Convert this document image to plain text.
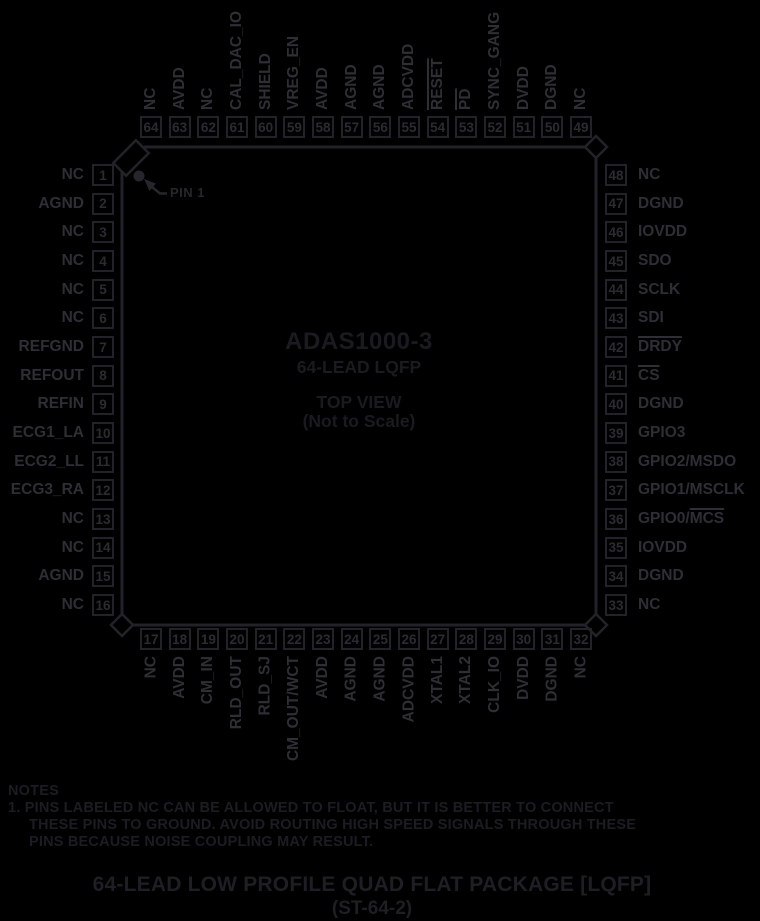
ADAS1000-3
64-LEAD LQFP
TOP VIEW
(Not to Scale)
PIN 1
64
NC
63
AVDD
62
NC
61
CAL_DAC_IO
60
SHIELD
59
VREG_EN
58
AVDD
57
AGND
56
AGND
55
ADCVDD
54
RESET
53
$\overline{PD}$
52
SYNC_GANG
51
DVDD
50
DGND
49
NC
17
NC
18
AVDD
19
CM_IN
20
RLD_OUT
21
RLD_SJ
22
CM_OUT/WCT
23
AVDD
24
AGND
25
AGND
26
ADCVDD
27
XTAL1
28
XTAL2
29
CLK_IO
30
DVDD
31
DGND
32
NC
1
NC
2
AGND
3
NC
4
NC
5
NC
6
NC
7
REFGND
8
REFOUT
9
REFIN
10
ECG1_LA
11
ECG2_LL
12
ECG3_RA
13
NC
14
NC
15
AGND
16
NC
48 NC
47 DGND
46 IOVDD
45 SDO
44 SCLK
43 SDI
42 DRDY
41 $\overline{CS}$
40 DGND
39 GPIO3
38 GPIO2/MSDO
37 GPIO1/MSCLK
36 $GPIO0/\overline{MCS}$
35 IOVDD
34 DGND
33 NC
NOTES
1. PINS LABELED NC CAN BE ALLOWED TO FLOAT, BUT IT IS BETTER TO CONNECT
THESE PINS TO GROUND. AVOID ROUTING HIGH SPEED SIGNALS THROUGH THESE
PINS BECAUSE NOISE COUPLING MAY RESULT.
64-LEAD LOW PROFILE QUAD FLAT PACKAGE [LQFP]
(ST-64-2)
